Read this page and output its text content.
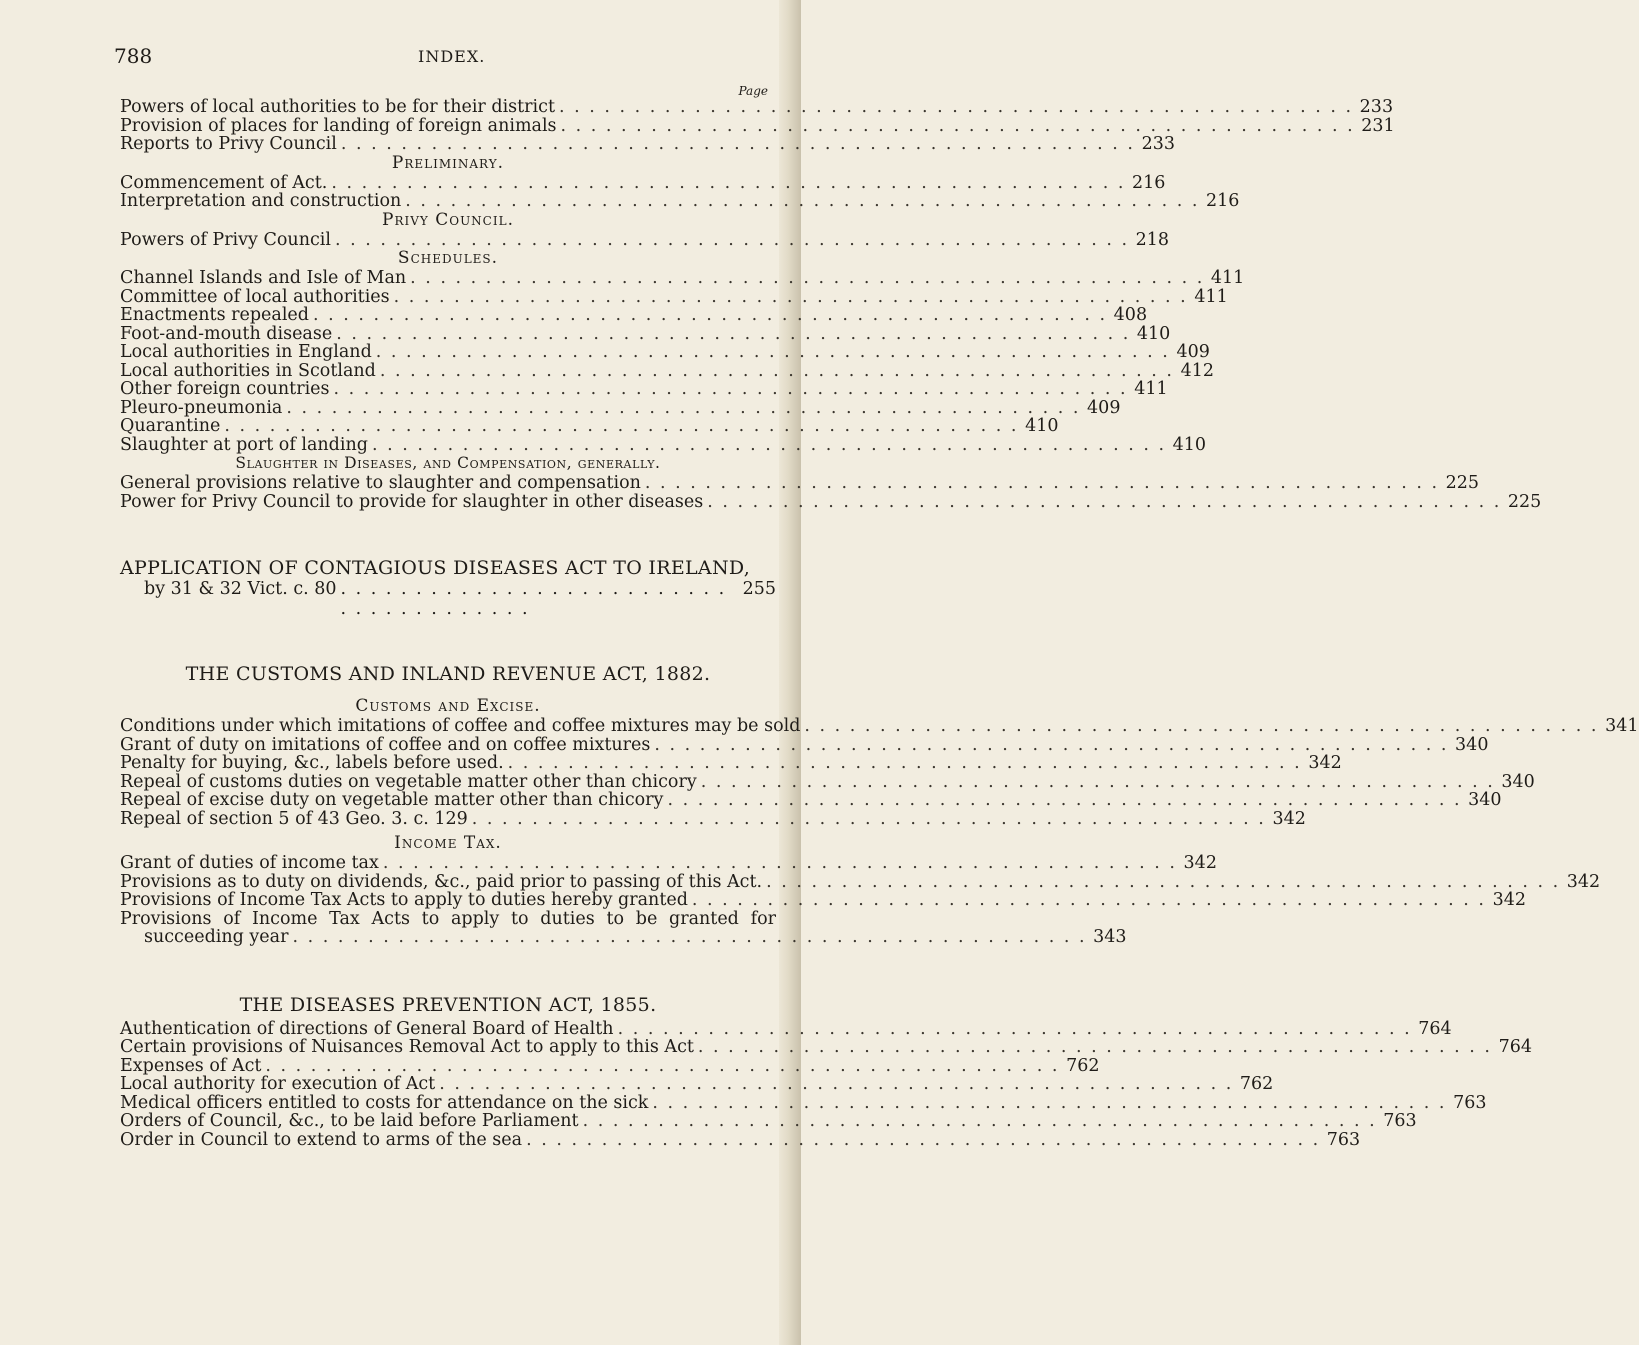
788	INDEX.
Page
Powers of local authorities to be for their district . . .	233
Provision of places for landing of foreign animals . . .	231
Reports to Privy Council . . .	233
Preliminary.
Commencement of Act. . . .	216
Interpretation and construction . . .	216
Privy Council.
Powers of Privy Council . . .	218
Schedules.
Channel Islands and Isle of Man . . .	411
Committee of local authorities . . .	411
Enactments repealed . . .	408
Foot-and-mouth disease . . .	410
Local authorities in England . . .	409
Local authorities in Scotland . . .	412
Other foreign countries . . .	411
Pleuro-pneumonia . . .	409
Quarantine . . .	410
Slaughter at port of landing . . .	410
Slaughter in Diseases, and Compensation, generally.
General provisions relative to slaughter and compensation . . .	225
Power for Privy Council to provide for slaughter in other diseases . . .	225
APPLICATION OF CONTAGIOUS DISEASES ACT TO IRELAND,
by 31 & 32 Vict. c. 80 . . .	255
THE CUSTOMS AND INLAND REVENUE ACT, 1882.
Customs and Excise.
Conditions under which imitations of coffee and coffee mixtures may be sold . . .	341
Grant of duty on imitations of coffee and on coffee mixtures . . .	340
Penalty for buying, &c., labels before used. . . .	342
Repeal of customs duties on vegetable matter other than chicory . . .	340
Repeal of excise duty on vegetable matter other than chicory . . .	340
Repeal of section 5 of 43 Geo. 3. c. 129 . . .	342
Income Tax.
Grant of duties of income tax . . .	342
Provisions as to duty on dividends, &c., paid prior to passing of this Act. . . .	342
Provisions of Income Tax Acts to apply to duties hereby granted . . .	342
Provisions of Income Tax Acts to apply to duties to be granted for
succeeding year . . .	343
THE DISEASES PREVENTION ACT, 1855.
Authentication of directions of General Board of Health . . .	764
Certain provisions of Nuisances Removal Act to apply to this Act . . .	764
Expenses of Act . . .	762
Local authority for execution of Act . . .	762
Medical officers entitled to costs for attendance on the sick . . .	763
Orders of Council, &c., to be laid before Parliament . . .	763
Order in Council to extend to arms of the sea . . .	763
